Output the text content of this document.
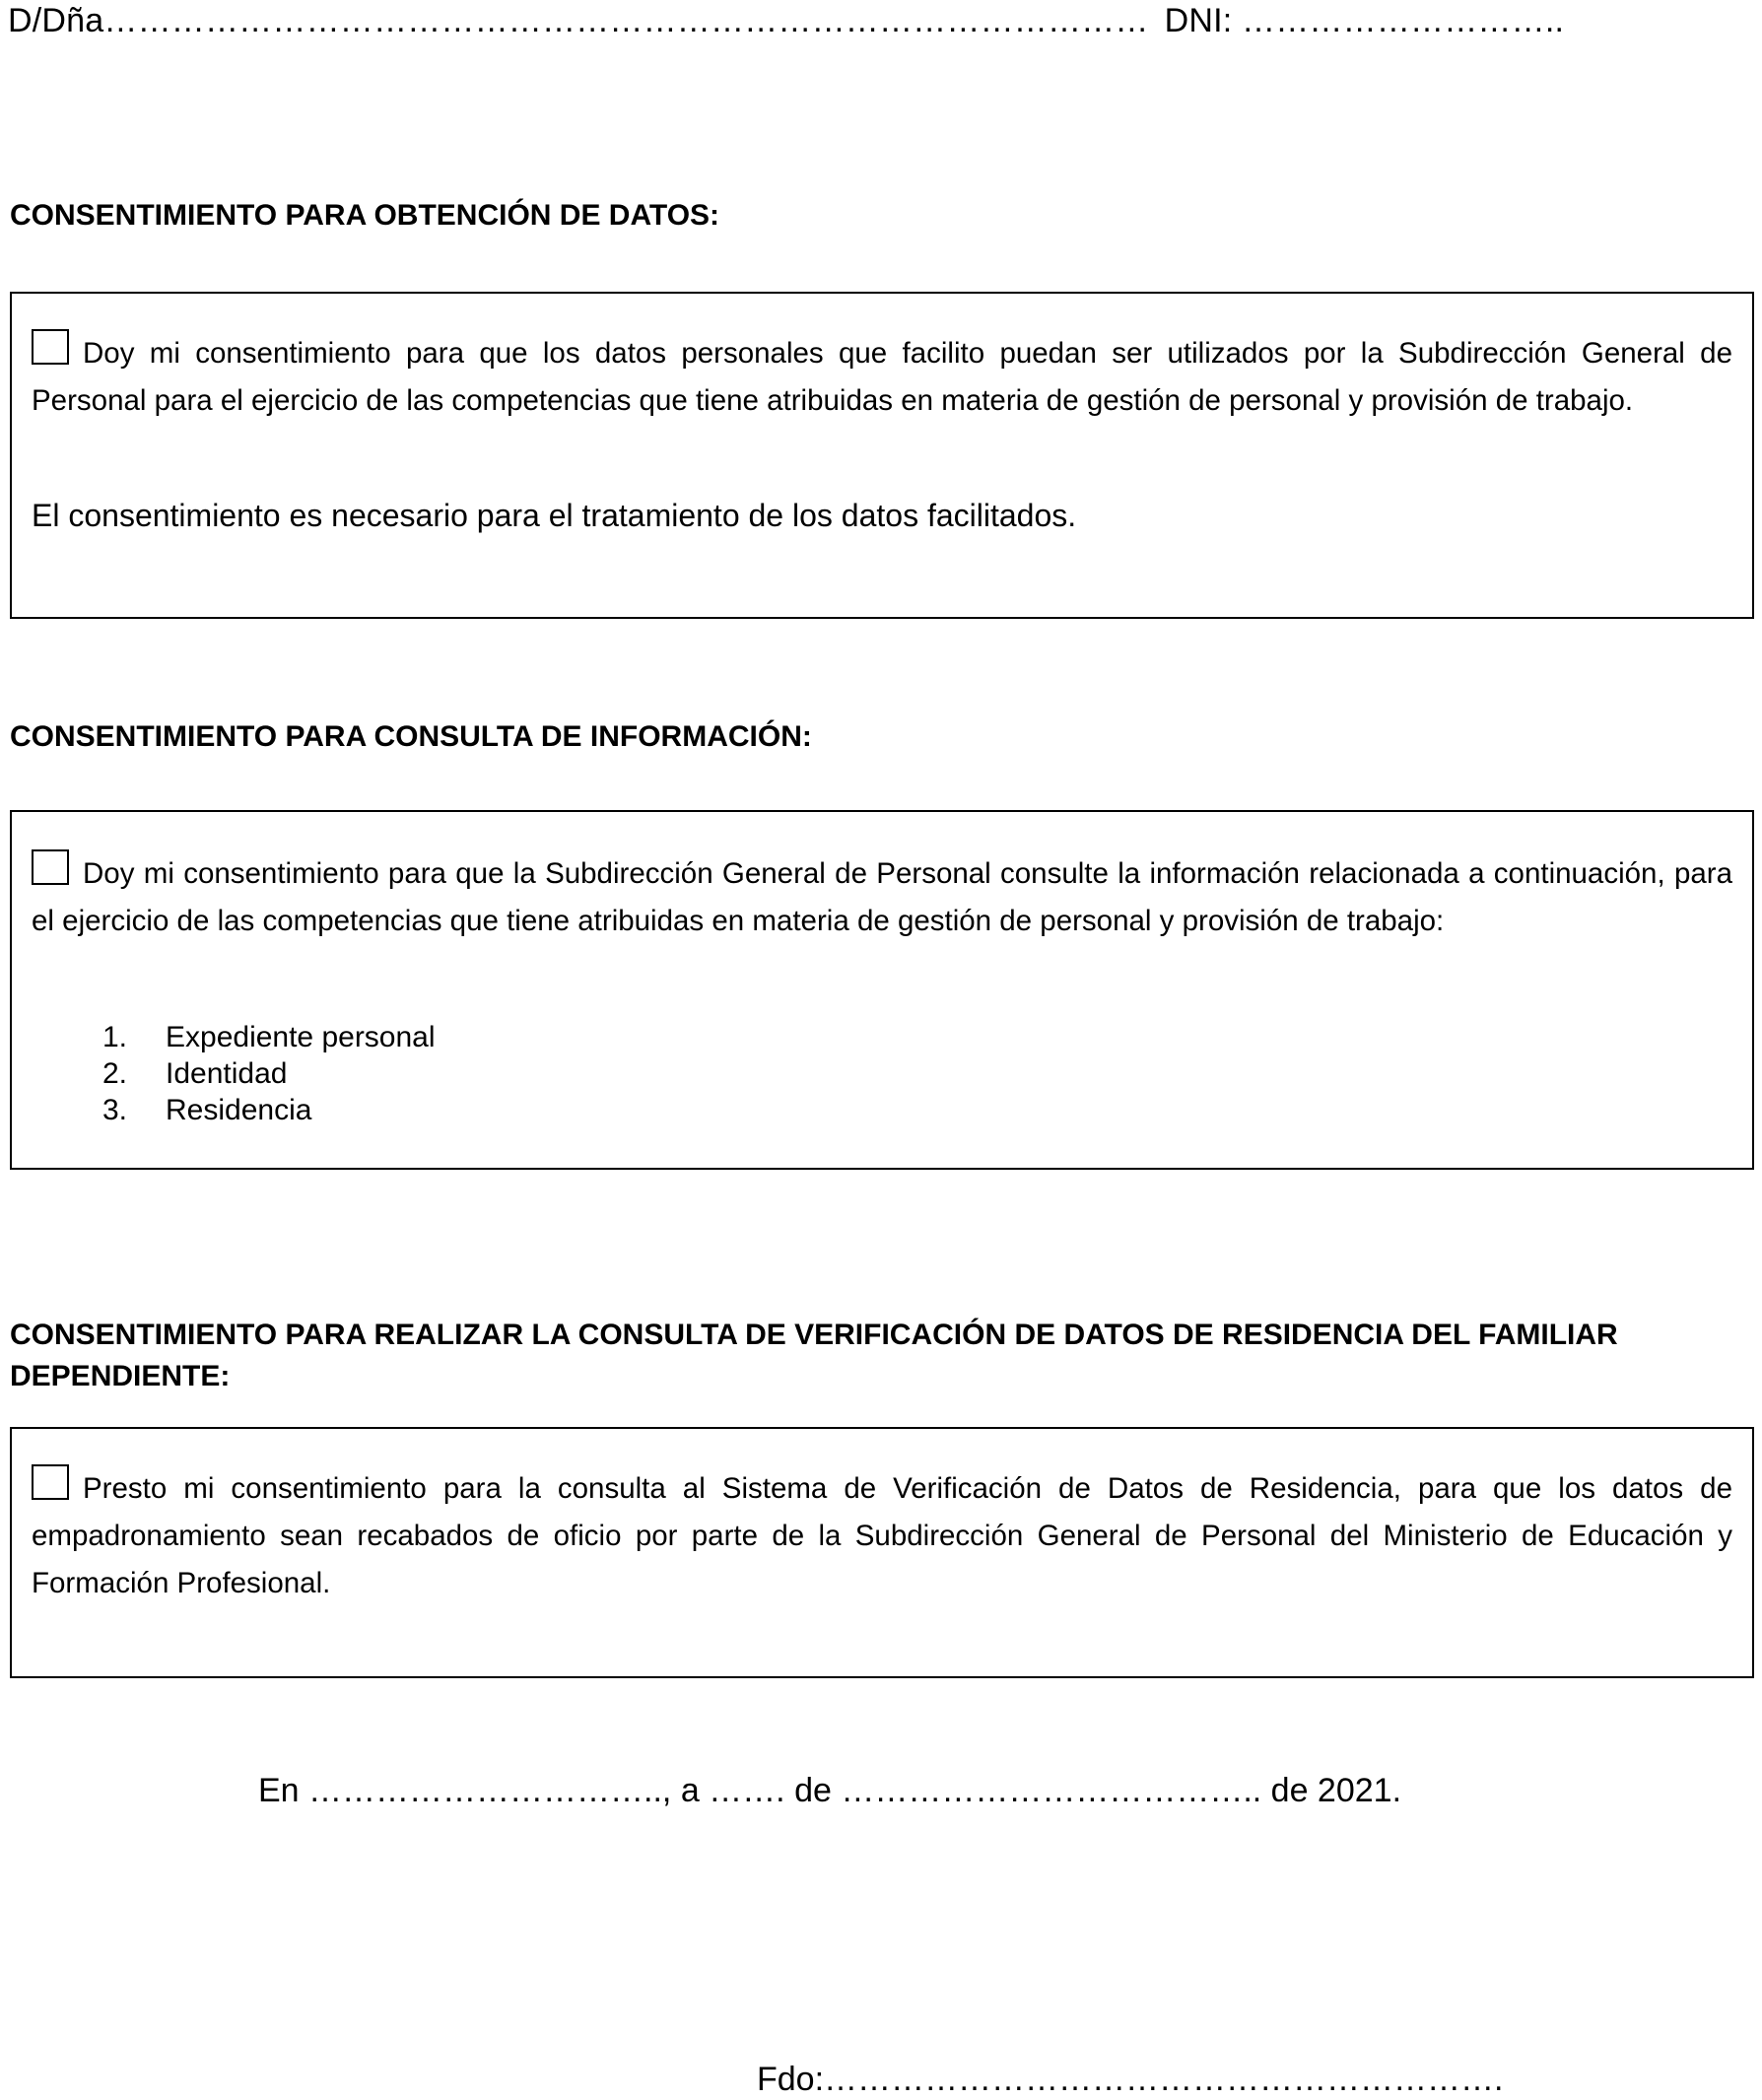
D/Dña………………………………………………………………………………… DNI: ………………………..
CONSENTIMIENTO PARA OBTENCIÓN DE DATOS:
Doy mi consentimiento para que los datos personales que facilito puedan ser utilizados por la Subdirección General de Personal para el ejercicio de las competencias que tiene atribuidas en materia de gestión de personal y provisión de trabajo.
El consentimiento es necesario para el tratamiento de los datos facilitados.
CONSENTIMIENTO PARA CONSULTA DE INFORMACIÓN:
Doy mi consentimiento para que la Subdirección General de Personal consulte la información relacionada a continuación, para el ejercicio de las competencias que tiene atribuidas en materia de gestión de personal y provisión de trabajo:
1. Expediente personal
2. Identidad
3. Residencia
CONSENTIMIENTO PARA REALIZAR LA CONSULTA DE VERIFICACIÓN DE DATOS DE RESIDENCIA DEL FAMILIAR DEPENDIENTE:
Presto mi consentimiento para la consulta al Sistema de Verificación de Datos de Residencia, para que los datos de empadronamiento sean recabados de oficio por parte de la Subdirección General de Personal del Ministerio de Educación y Formación Profesional.
En ………………………….., a ……. de ……………………………….. de 2021.
Fdo:…………………………………………………….
